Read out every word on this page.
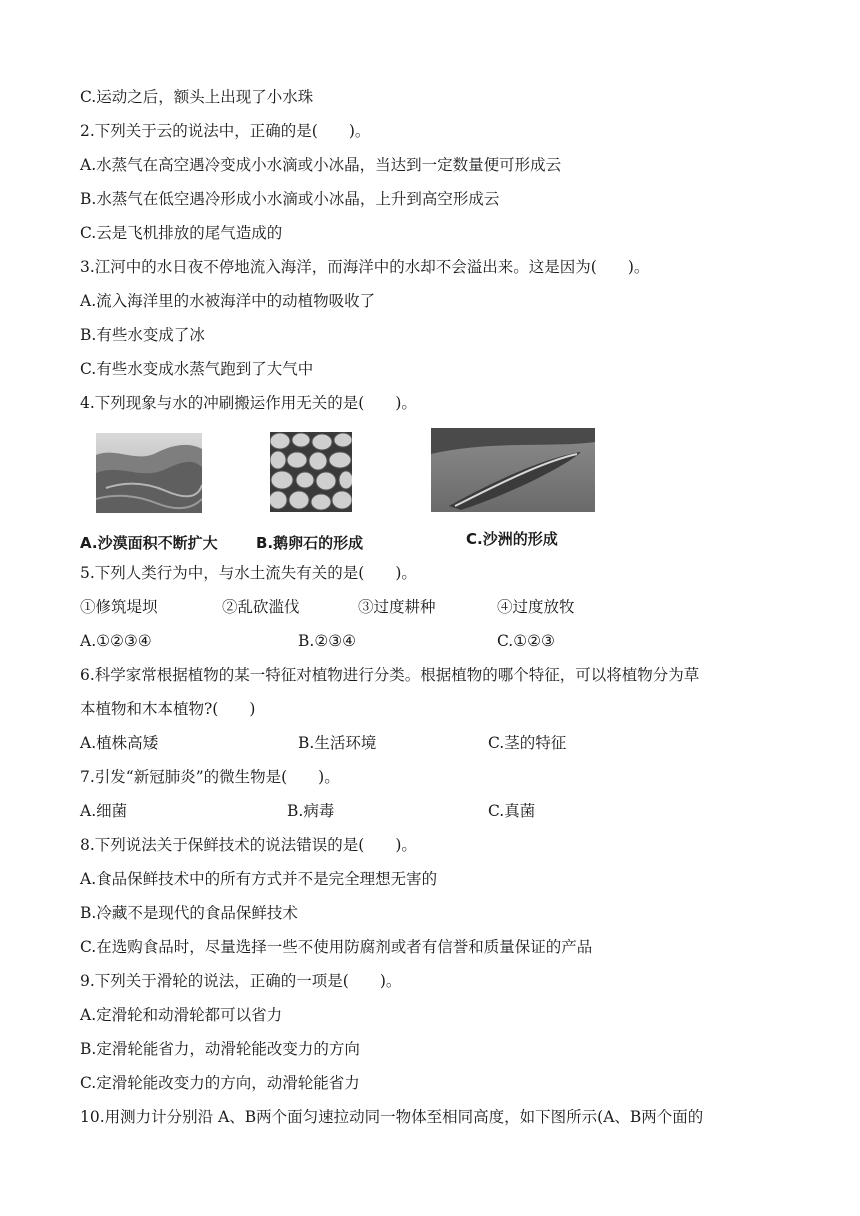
C.运动之后，额头上出现了小水珠
2.下列关于云的说法中，正确的是(　　)。
A.水蒸气在高空遇冷变成小水滴或小冰晶，当达到一定数量便可形成云
B.水蒸气在低空遇冷形成小水滴或小冰晶，上升到高空形成云
C.云是飞机排放的尾气造成的
3.江河中的水日夜不停地流入海洋，而海洋中的水却不会溢出来。这是因为(　　)。
A.流入海洋里的水被海洋中的动植物吸收了
B.有些水变成了冰
C.有些水变成水蒸气跑到了大气中
4.下列现象与水的冲刷搬运作用无关的是(　　)。
A.沙漠面积不断扩大	B.鹅卵石的形成	C.沙洲的形成
5.下列人类行为中，与水土流失有关的是(　　)。
①修筑堤坝	②乱砍滥伐	③过度耕种	④过度放牧
A.①②③④	B.②③④	C.①②③
6.科学家常根据植物的某一特征对植物进行分类。根据植物的哪个特征，可以将植物分为草
本植物和木本植物?(　　)
A.植株高矮	B.生活环境	C.茎的特征
7.引发“新冠肺炎”的微生物是(　　)。
A.细菌	B.病毒	C.真菌
8.下列说法关于保鲜技术的说法错误的是(　　)。
A.食品保鲜技术中的所有方式并不是完全理想无害的
B.冷藏不是现代的食品保鲜技术
C.在选购食品时，尽量选择一些不使用防腐剂或者有信誉和质量保证的产品
9.下列关于滑轮的说法，正确的一项是(　　)。
A.定滑轮和动滑轮都可以省力
B.定滑轮能省力，动滑轮能改变力的方向
C.定滑轮能改变力的方向，动滑轮能省力
10.用测力计分别沿 A、B两个面匀速拉动同一物体至相同高度，如下图所示(A、B两个面的
